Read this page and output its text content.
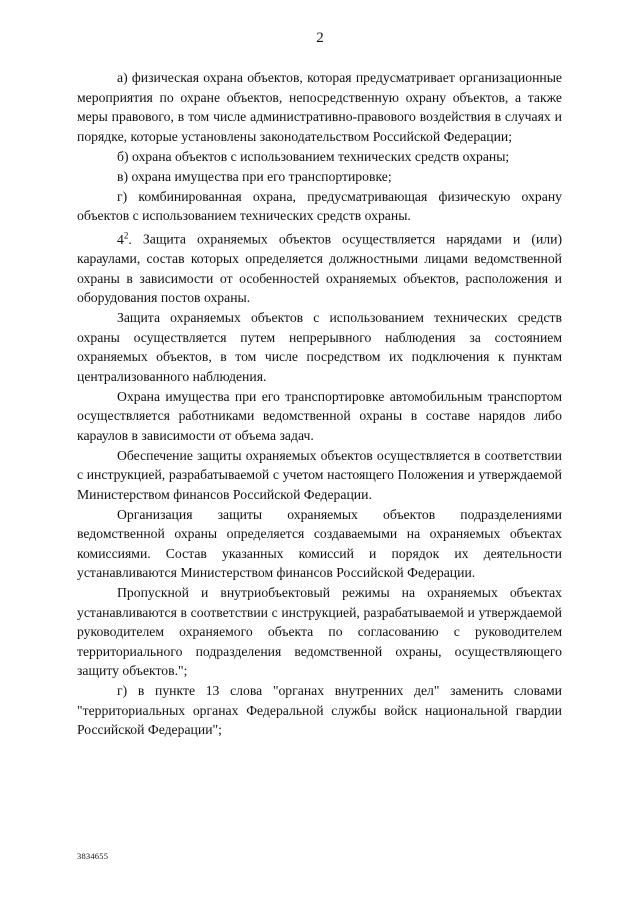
2

а) физическая охрана объектов, которая предусматривает организационные мероприятия по охране объектов, непосредственную охрану объектов, а также меры правового, в том числе административно-правового воздействия в случаях и порядке, которые установлены законодательством Российской Федерации;

б) охрана объектов с использованием технических средств охраны;

в) охрана имущества при его транспортировке;

г) комбинированная охрана, предусматривающая физическую охрану объектов с использованием технических средств охраны.

$4^2$. Защита охраняемых объектов осуществляется нарядами и (или) караулами, состав которых определяется должностными лицами ведомственной охраны в зависимости от особенностей охраняемых объектов, расположения и оборудования постов охраны.

Защита охраняемых объектов с использованием технических средств охраны осуществляется путем непрерывного наблюдения за состоянием охраняемых объектов, в том числе посредством их подключения к пунктам централизованного наблюдения.

Охрана имущества при его транспортировке автомобильным транспортом осуществляется работниками ведомственной охраны в составе нарядов либо караулов в зависимости от объема задач.

Обеспечение защиты охраняемых объектов осуществляется в соответствии с инструкцией, разрабатываемой с учетом настоящего Положения и утверждаемой Министерством финансов Российской Федерации.

Организация защиты охраняемых объектов подразделениями ведомственной охраны определяется создаваемыми на охраняемых объектах комиссиями. Состав указанных комиссий и порядок их деятельности устанавливаются Министерством финансов Российской Федерации.

Пропускной и внутриобъектовый режимы на охраняемых объектах устанавливаются в соответствии с инструкцией, разрабатываемой и утверждаемой руководителем охраняемого объекта по согласованию с руководителем территориального подразделения ведомственной охраны, осуществляющего защиту объектов.";

г) в пункте 13 слова "органах внутренних дел" заменить словами "территориальных органах Федеральной службы войск национальной гвардии Российской Федерации";

3834655
